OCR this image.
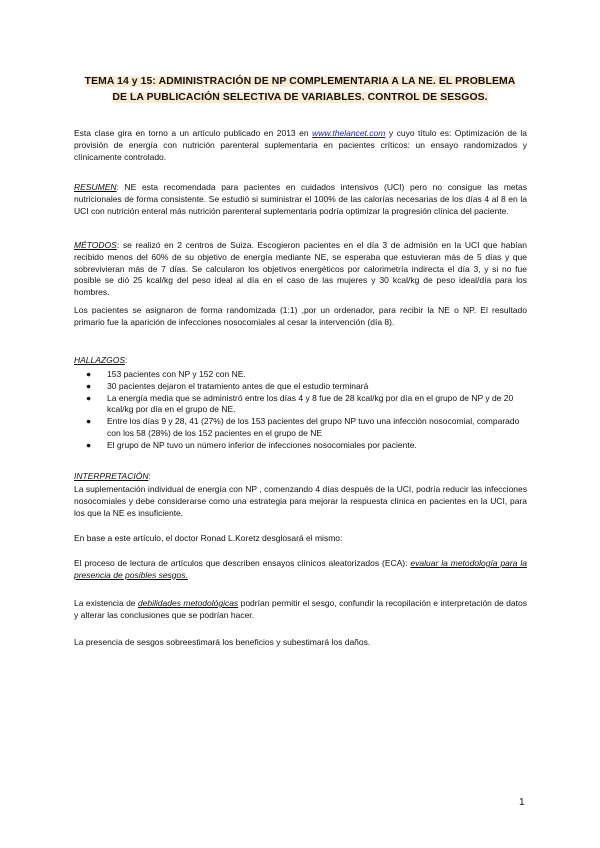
TEMA 14 y 15: ADMINISTRACIÓN DE NP COMPLEMENTARIA A LA NE. EL PROBLEMA DE LA PUBLICACIÓN SELECTIVA DE VARIABLES. CONTROL DE SESGOS.

Esta clase gira en torno a un artículo publicado en 2013 en www.thelancet.com y cuyo título es: Optimización de la provisión de energía con nutrición parenteral suplementaria en pacientes críticos: un ensayo randomizados y clínicamente controlado.

RESUMEN: NE esta recomendada para pacientes en cuidados intensivos (UCI) pero no consigue las metas nutricionales de forma consistente. Se estudió si suministrar el 100% de las calorías necesarias de los días 4 al 8 en la UCI con nutrición enteral más nutrición parenteral suplementaria podría optimizar la progresión clínica del paciente.

MÉTODOS: se realizó en 2 centros de Suiza. Escogieron pacientes en el día 3 de admisión en la UCI que habían recibido menos del 60% de su objetivo de energía mediante NE, se esperaba que estuvieran más de 5 días y que sobrevivieran más de 7 días. Se calcularon los objetivos energéticos por calorimetría indirecta el día 3, y si no fue posible se dió 25 kcal/kg del peso ideal al día en el caso de las mujeres y 30 kcal/kg de peso ideal/día para los hombres.

Los pacientes se asignaron de forma randomizada (1:1) ,por un ordenador, para recibir la NE o NP. El resultado primario fue la aparición de infecciones nosocomiales al cesar la intervención (día 8).

HALLAZGOS:

● 153 pacientes con NP y 152 con NE.
● 30 pacientes dejaron el tratamiento antes de que el estudio terminará
● La energía media que se administró entre los días 4 y 8 fue de 28 kcal/kg por día en el grupo de NP y de 20 kcal/kg por día en el grupo de NE.
● Entre los días 9 y 28, 41 (27%) de los 153 pacientes del grupo NP tuvo una infección nosocomial, comparado con los 58 (28%) de los 152 pacientes en el grupo de NE
● El grupo de NP tuvo un número inferior de infecciones nosocomiales por paciente.

INTERPRETACIÓN:

La suplementación individual de energía con NP , comenzando 4 días después de la UCI, podría reducir las infecciones nosocomiales y debe considerarse como una estrategia para mejorar la respuesta clínica en pacientes en la UCI, para los que la NE es insuficiente.

En base a este artículo, el doctor Ronad L.Koretz desglosará el mismo:

El proceso de lectura de artículos que describen ensayos clínicos aleatorizados (ECA): evaluar la metodología para la presencia de posibles sesgos.

La existencia de debilidades metodológicas podrían permitir el sesgo, confundir la recopilación e interpretación de datos y alterar las conclusiones que se podrían hacer.

La presencia de sesgos sobreestimará los beneficios y subestimará los daños.

1
